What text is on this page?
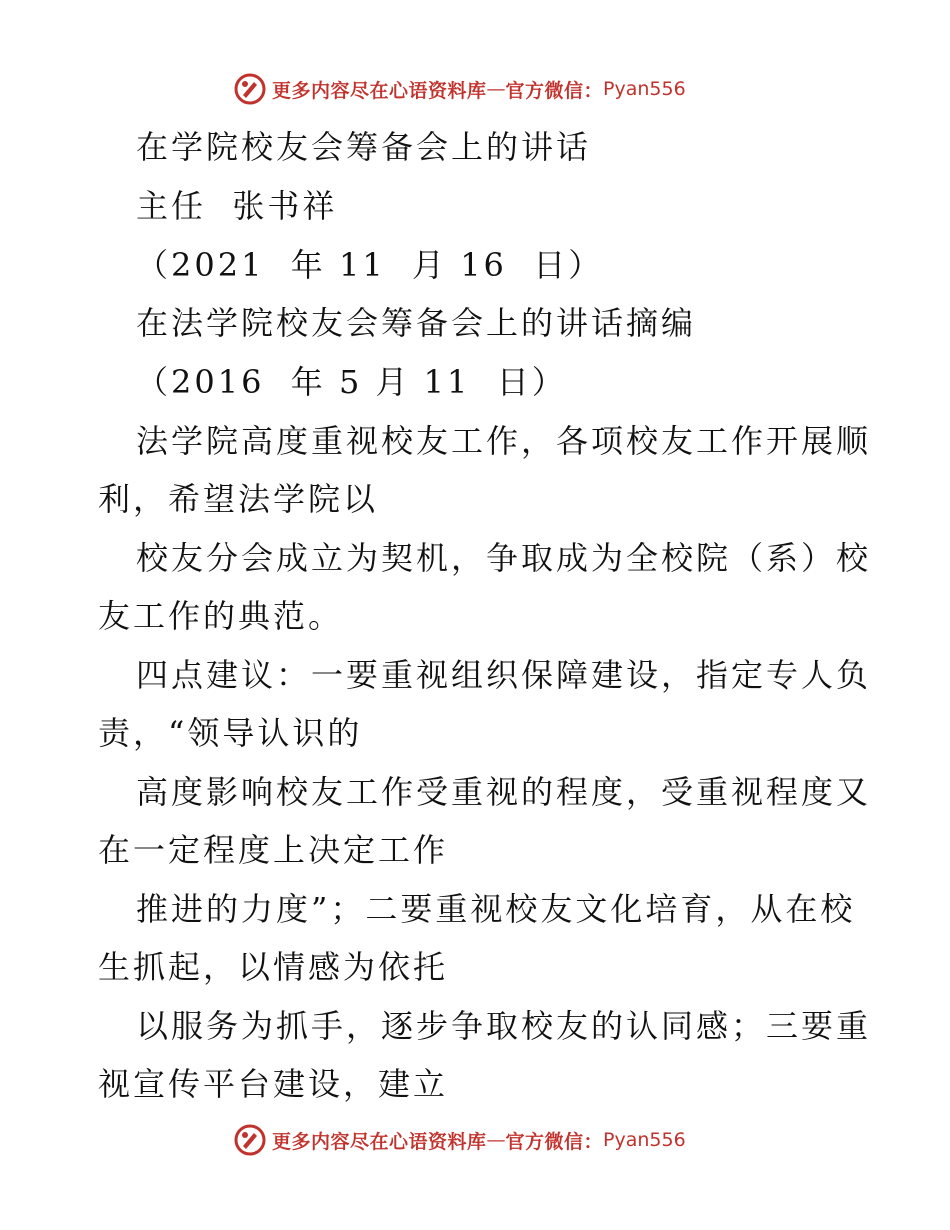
更多内容尽在心语资料库 — 官方微信： Pyan556
在学院校友会筹备会上的讲话
主任  张书祥
（2021  年 11  月 16  日）
在法学院校友会筹备会上的讲话摘编
（2016  年 5 月 11  日）
法学院高度重视校友工作，各项校友工作开展顺
利，希望法学院以
校友分会成立为契机，争取成为全校院（系）校
友工作的典范。
四点建议：一要重视组织保障建设，指定专人负
责，“领导认识的
高度影响校友工作受重视的程度，受重视程度又
在一定程度上决定工作
推进的力度”；二要重视校友文化培育，从在校
生抓起，以情感为依托
以服务为抓手，逐步争取校友的认同感；三要重
视宣传平台建设，建立
更多内容尽在心语资料库 — 官方微信： Pyan556
